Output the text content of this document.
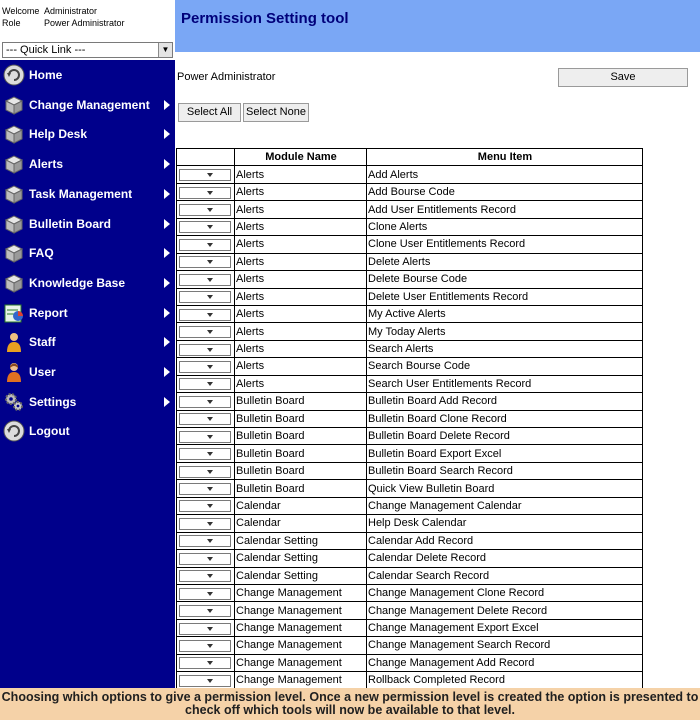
Welcome Administrator
Role	Power Administrator
--- Quick Link ---	▼
Home
Change Management
Help Desk
Alerts
Task Management
Bulletin Board
FAQ
Knowledge Base
Report
Staff
User
Settings
Logout
Permission Setting tool
Power Administrator	Save
Select All	Select None
	Module Name	Menu Item

	Alerts	Add Alerts

	Alerts	Add Bourse Code

	Alerts	Add User Entitlements Record

	Alerts	Clone Alerts

	Alerts	Clone User Entitlements Record

	Alerts	Delete Alerts

	Alerts	Delete Bourse Code

	Alerts	Delete User Entitlements Record

	Alerts	My Active Alerts

	Alerts	My Today Alerts

	Alerts	Search Alerts

	Alerts	Search Bourse Code

	Alerts	Search User Entitlements Record

	Bulletin Board	Bulletin Board Add Record

	Bulletin Board	Bulletin Board Clone Record

	Bulletin Board	Bulletin Board Delete Record

	Bulletin Board	Bulletin Board Export Excel

	Bulletin Board	Bulletin Board Search Record

	Bulletin Board	Quick View Bulletin Board

	Calendar	Change Management Calendar

	Calendar	Help Desk Calendar

	Calendar Setting	Calendar Add Record

	Calendar Setting	Calendar Delete Record

	Calendar Setting	Calendar Search Record

	Change Management	Change Management Clone Record

	Change Management	Change Management Delete Record

	Change Management	Change Management Export Excel

	Change Management	Change Management Search Record

	Change Management	Change Management Add Record

	Change Management	Rollback Completed Record
Choosing which options to give a permission level. Once a new permission level is created the option is presented to check off which tools will now be available to that level.
